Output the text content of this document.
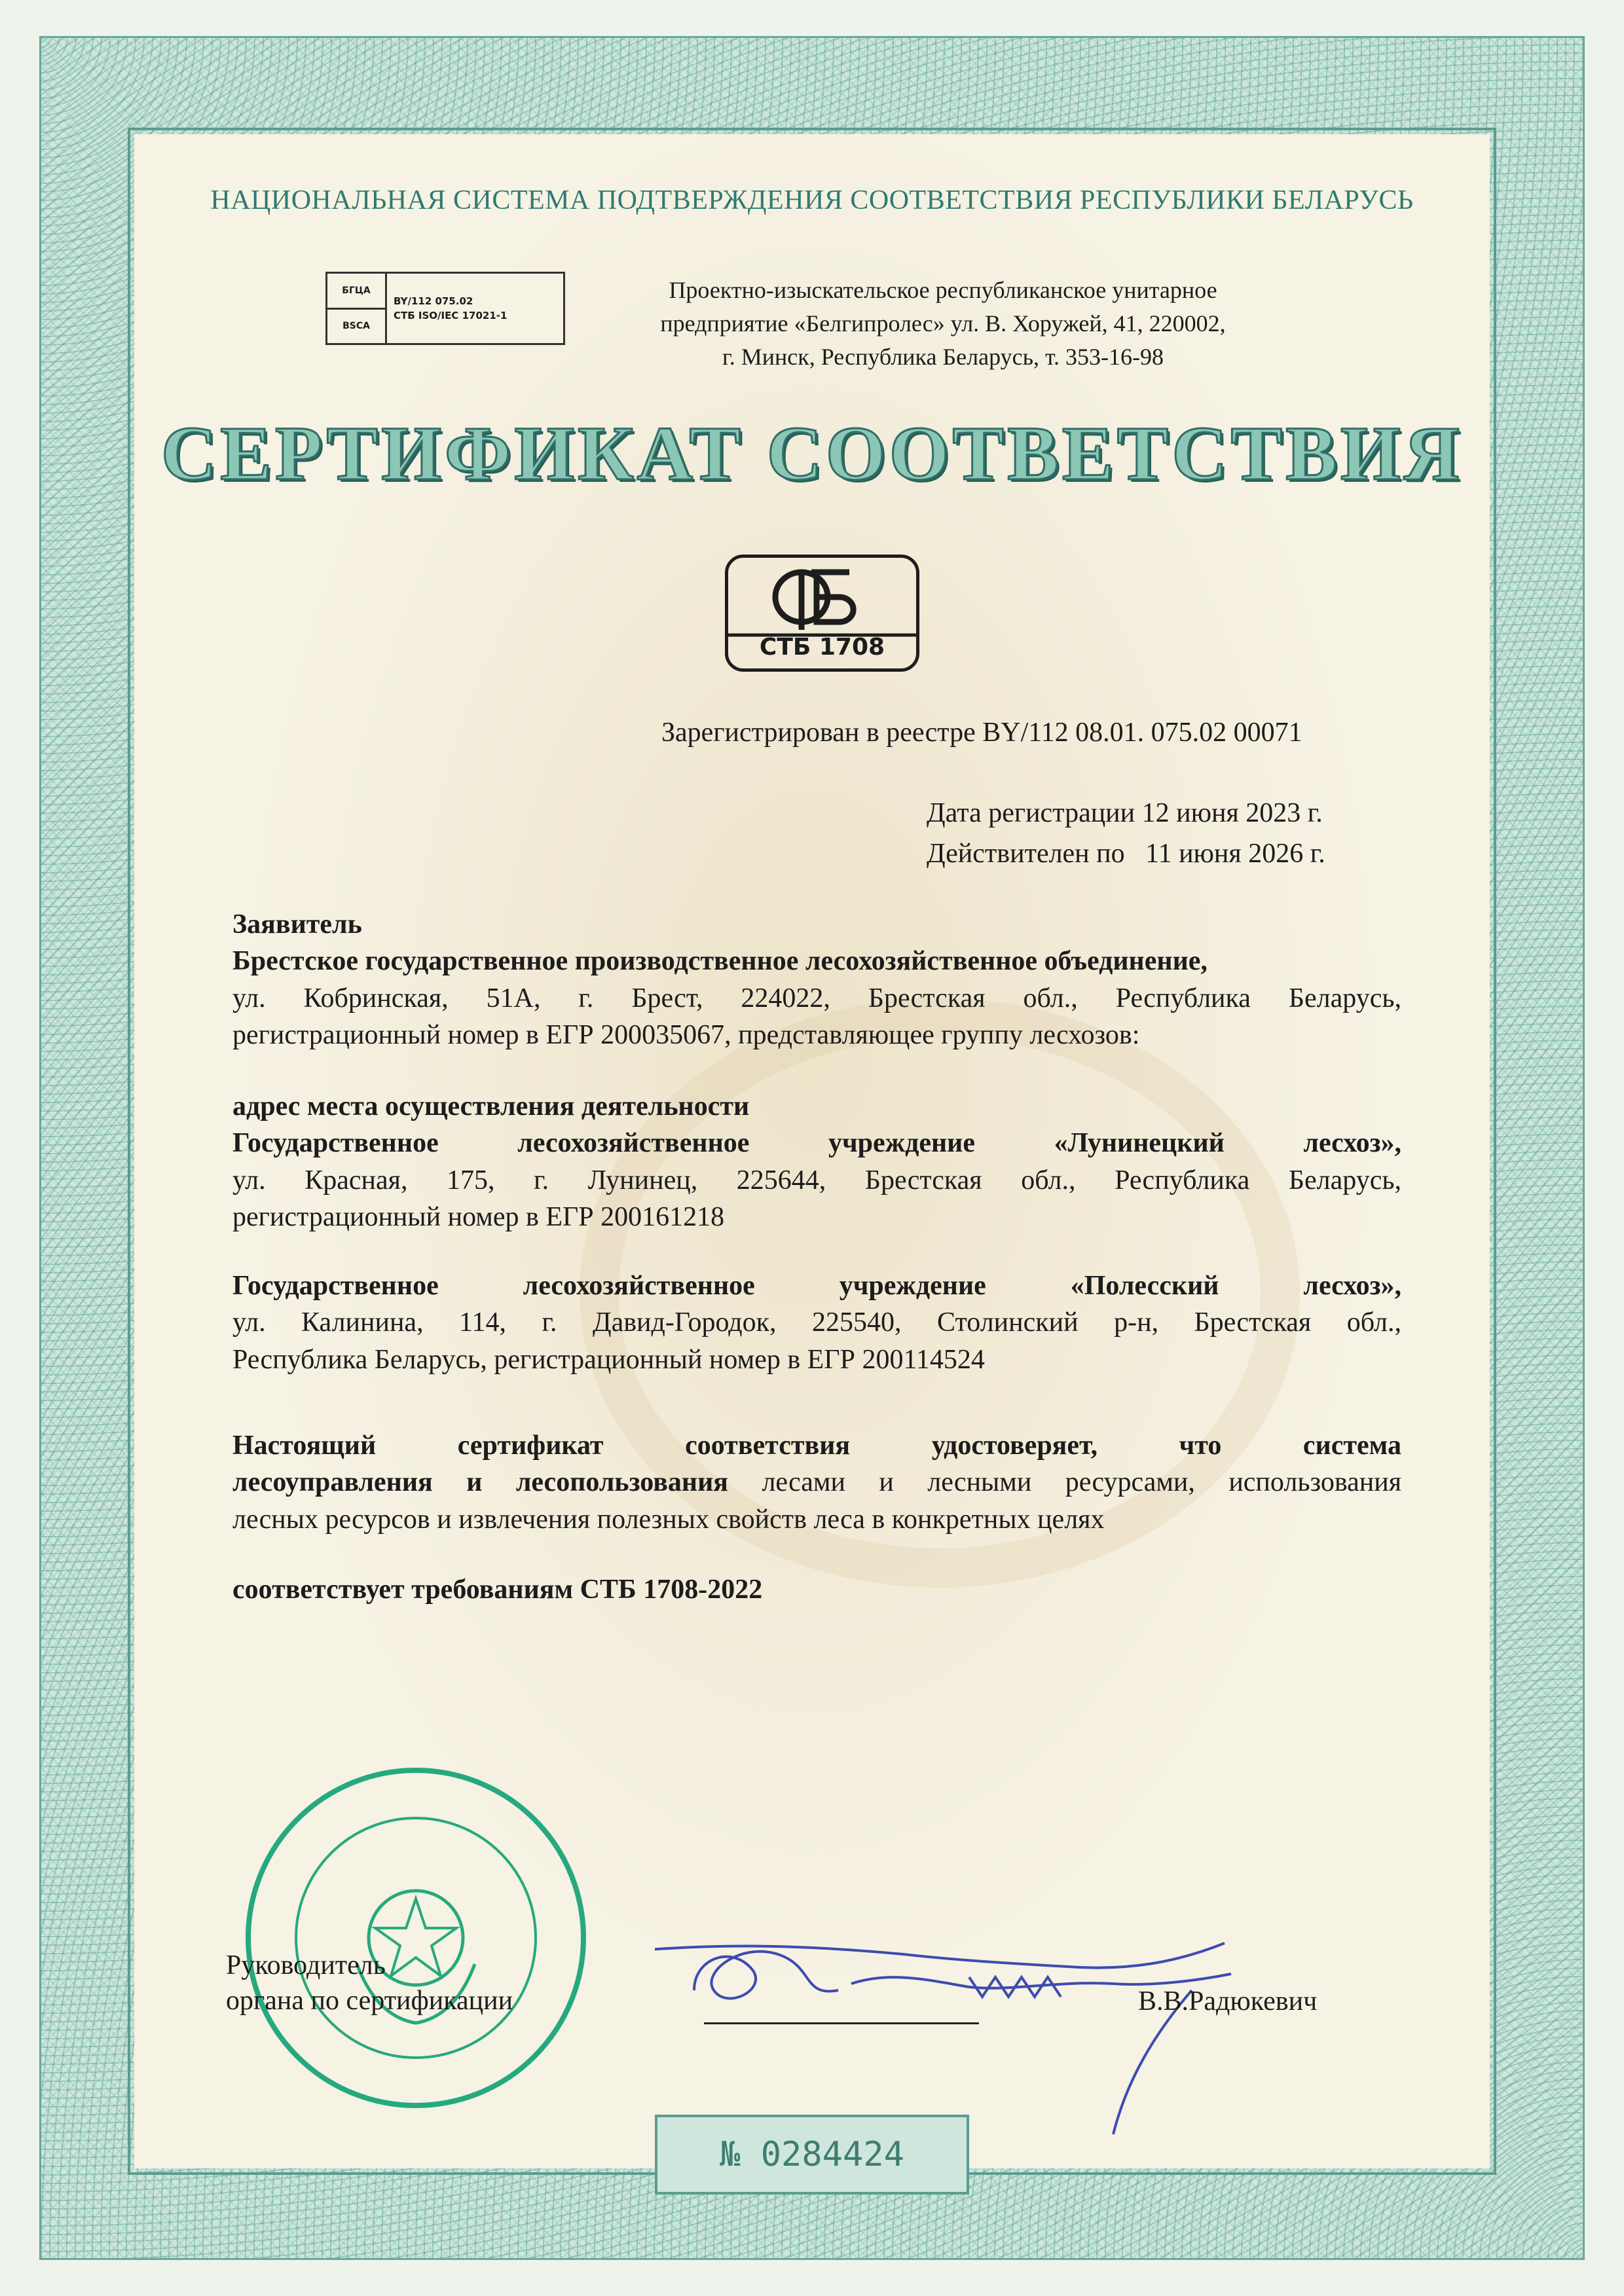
НАЦИОНАЛЬНАЯ СИСТЕМА ПОДТВЕРЖДЕНИЯ СООТВЕТСТВИЯ РЕСПУБЛИКИ БЕЛАРУСЬ
БГЦА
BSCA
BY/112 075.02
СТБ ISO/IEC 17021-1
Проектно-изыскательское республиканское унитарное
предприятие «Белгипролес» ул. В. Хоружей, 41, 220002,
г. Минск, Республика Беларусь, т. 353-16-98
СЕРТИФИКАТ СООТВЕТСТВИЯ
СТБ 1708
Зарегистрирован в реестре BY/112 08.01. 075.02 00071
Дата регистрации 12 июня 2023 г.
Действителен по   11 июня 2026 г.
Заявитель
Брестское государственное производственное лесохозяйственное объединение,
ул. Кобринская, 51А, г. Брест, 224022, Брестская обл., Республика Беларусь,
регистрационный номер в ЕГР 200035067, представляющее группу лесхозов:
адрес места осуществления деятельности
Государственное лесохозяйственное учреждение «Лунинецкий лесхоз»,
ул. Красная, 175, г. Лунинец, 225644, Брестская обл., Республика Беларусь,
регистрационный номер в ЕГР 200161218
Государственное лесохозяйственное учреждение «Полесский лесхоз»,
ул. Калинина, 114, г. Давид-Городок, 225540, Столинский р-н, Брестская обл.,
Республика Беларусь, регистрационный номер в ЕГР 200114524
Настоящий сертификат соответствия удостоверяет, что система
лесоуправления и лесопользования лесами и лесными ресурсами, использования
лесных ресурсов и извлечения полезных свойств леса в конкретных целях
соответствует требованиям СТБ 1708-2022
Руководитель
органа по сертификации	В.В.Радюкевич
№ 0284424
